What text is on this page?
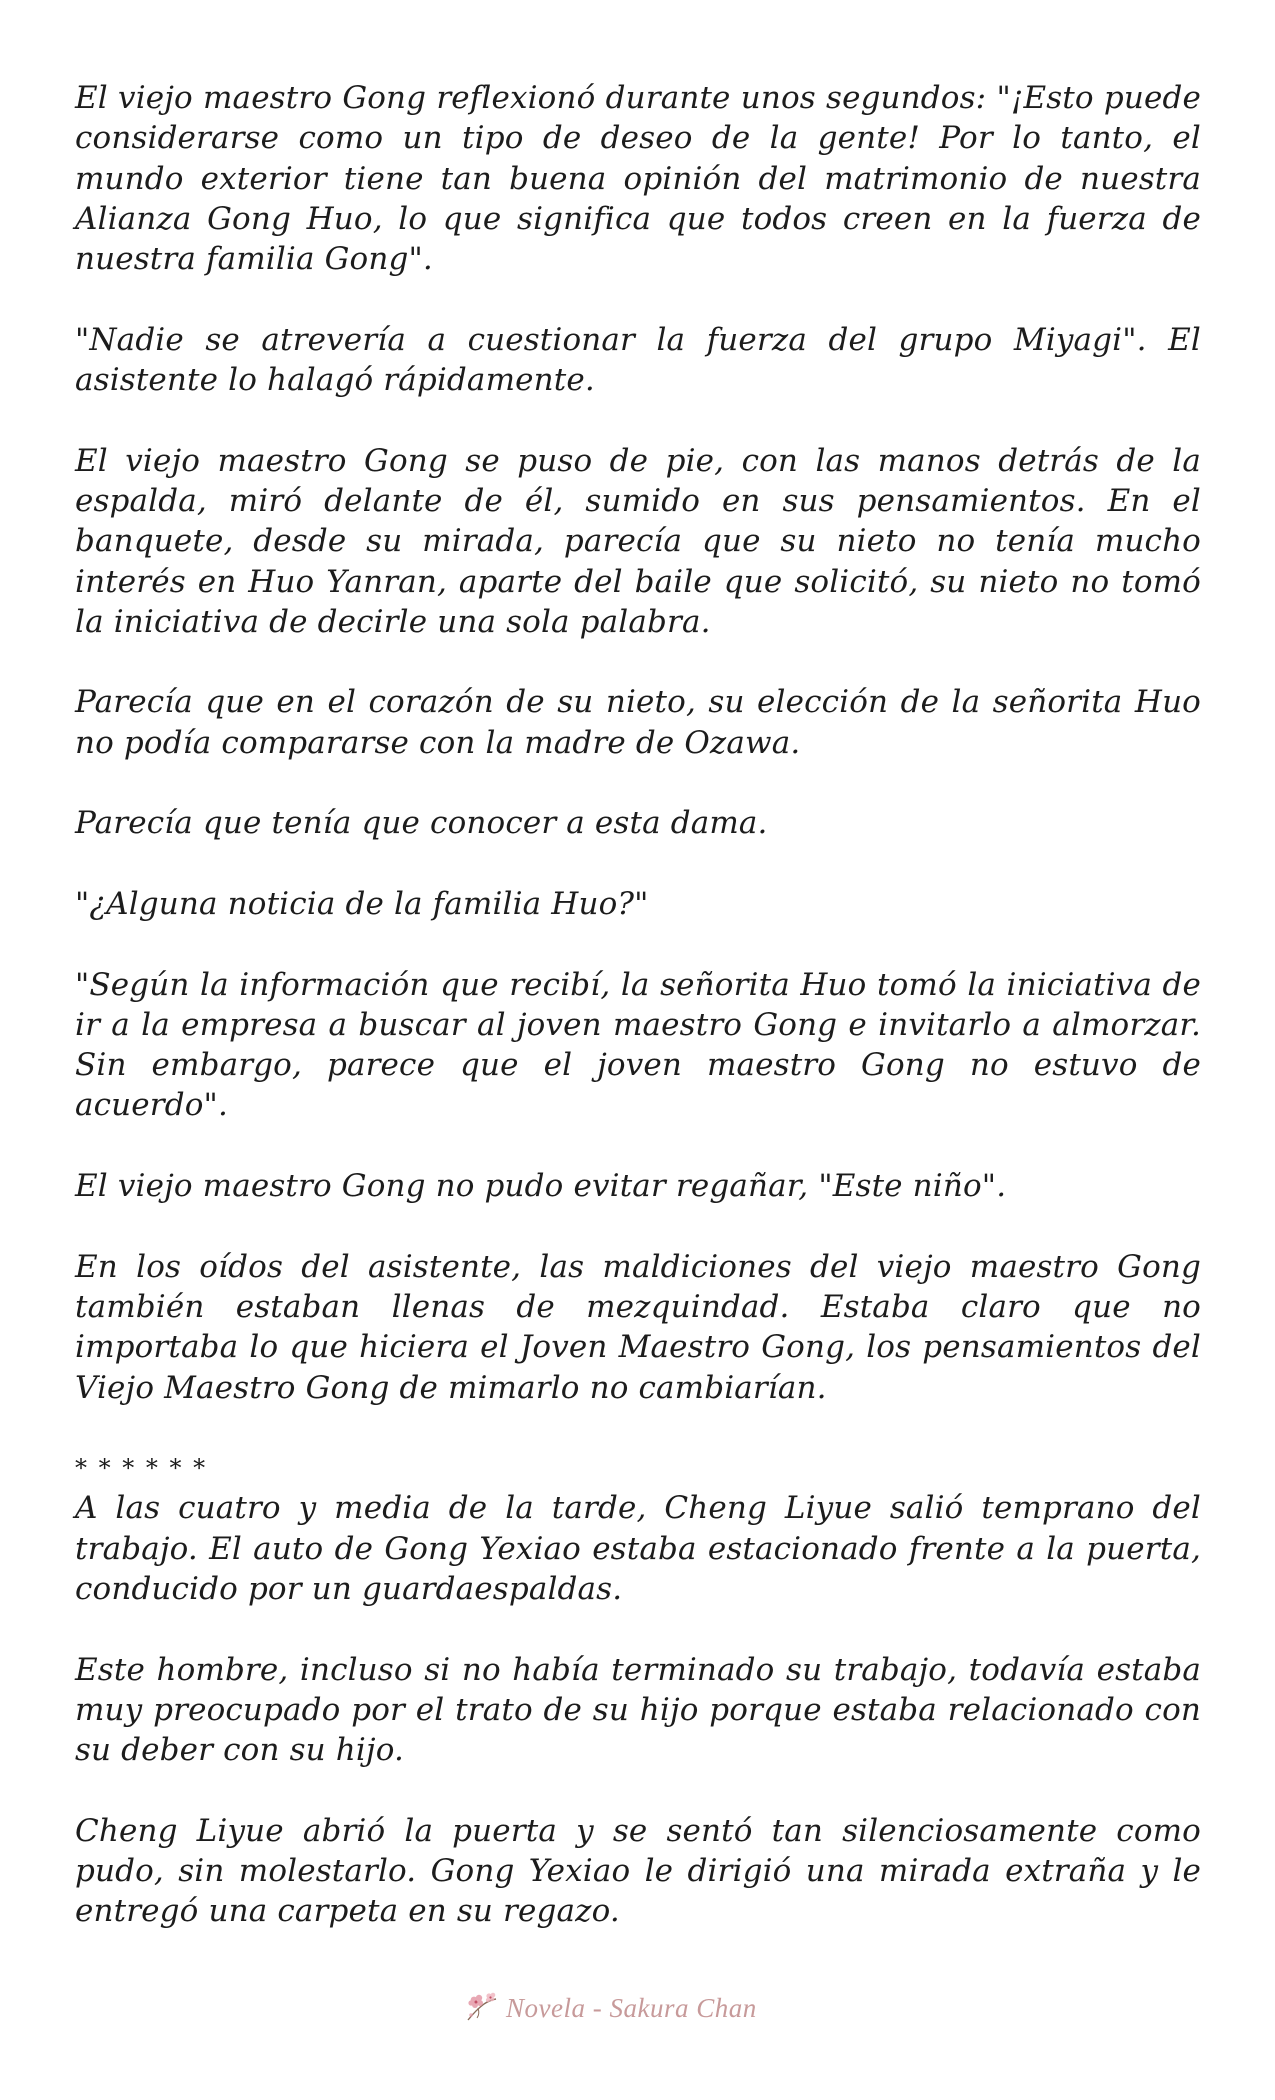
El viejo maestro Gong reflexionó durante unos segundos: "¡Esto puede considerarse como un tipo de deseo de la gente! Por lo tanto, el mundo exterior tiene tan buena opinión del matrimonio de nuestra Alianza Gong Huo, lo que significa que todos creen en la fuerza de nuestra familia Gong".

"Nadie se atrevería a cuestionar la fuerza del grupo Miyagi". El asistente lo halagó rápidamente.

El viejo maestro Gong se puso de pie, con las manos detrás de la espalda, miró delante de él, sumido en sus pensamientos. En el banquete, desde su mirada, parecía que su nieto no tenía mucho interés en Huo Yanran, aparte del baile que solicitó, su nieto no tomó la iniciativa de decirle una sola palabra.

Parecía que en el corazón de su nieto, su elección de la señorita Huo no podía compararse con la madre de Ozawa.

Parecía que tenía que conocer a esta dama.

"¿Alguna noticia de la familia Huo?"

"Según la información que recibí, la señorita Huo tomó la iniciativa de ir a la empresa a buscar al joven maestro Gong e invitarlo a almorzar. Sin embargo, parece que el joven maestro Gong no estuvo de acuerdo".

El viejo maestro Gong no pudo evitar regañar, "Este niño".

En los oídos del asistente, las maldiciones del viejo maestro Gong también estaban llenas de mezquindad. Estaba claro que no importaba lo que hiciera el Joven Maestro Gong, los pensamientos del Viejo Maestro Gong de mimarlo no cambiarían.

* * * * * *

A las cuatro y media de la tarde, Cheng Liyue salió temprano del trabajo. El auto de Gong Yexiao estaba estacionado frente a la puerta, conducido por un guardaespaldas.

Este hombre, incluso si no había terminado su trabajo, todavía estaba muy preocupado por el trato de su hijo porque estaba relacionado con su deber con su hijo.

Cheng Liyue abrió la puerta y se sentó tan silenciosamente como pudo, sin molestarlo. Gong Yexiao le dirigió una mirada extraña y le entregó una carpeta en su regazo.

Novela - Sakura Chan
